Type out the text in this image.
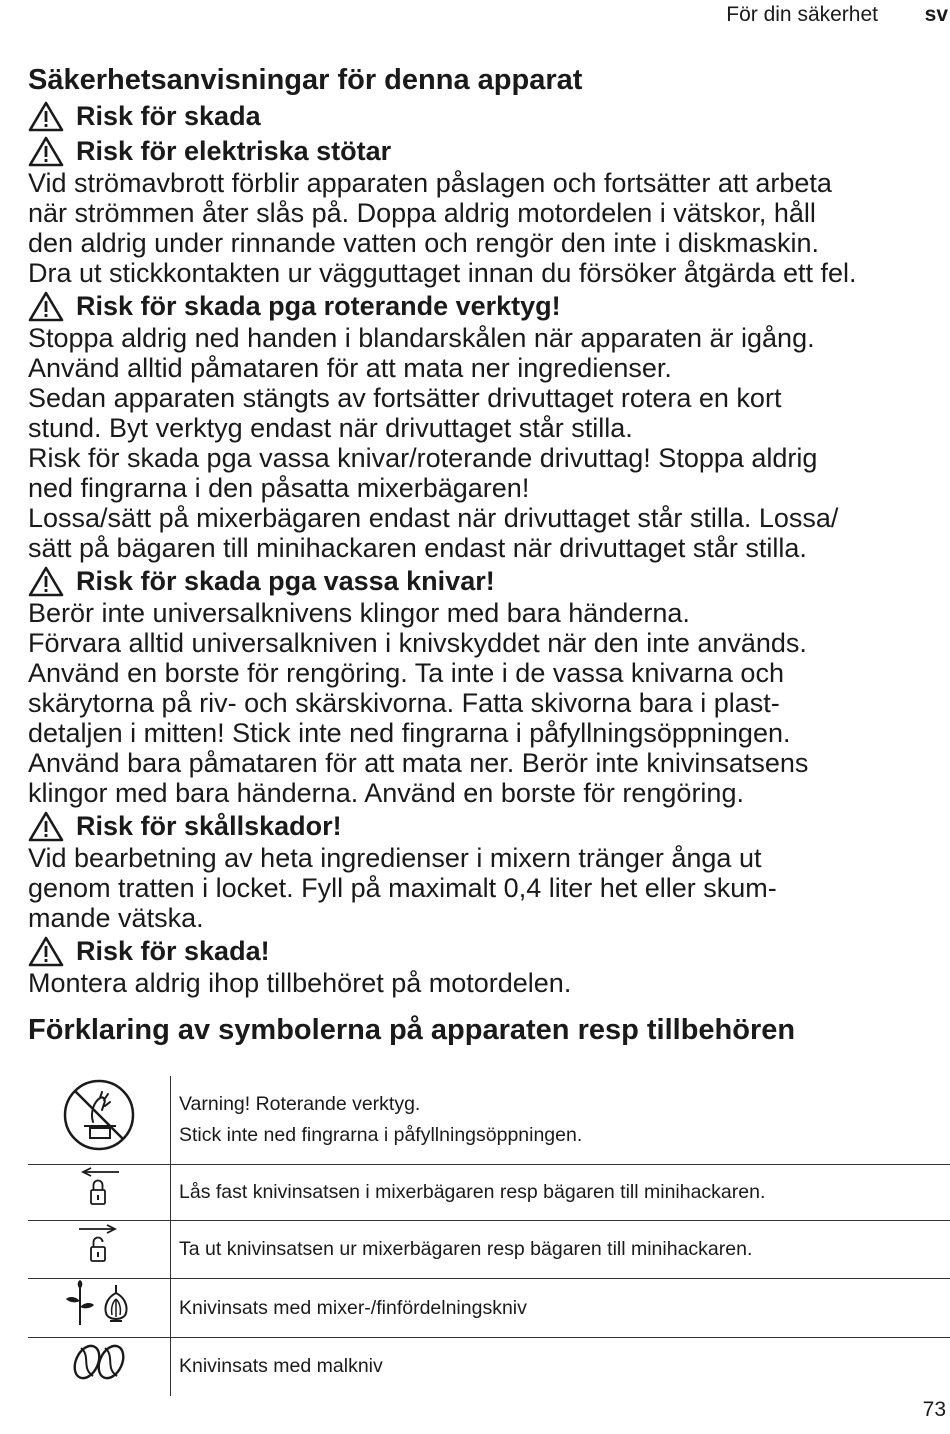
För din säkerhet sv
Säkerhetsanvisningar för denna apparat
Risk för skada
Risk för elektriska stötar
Vid strömavbrott förblir apparaten påslagen och fortsätter att arbeta
när strömmen åter slås på. Doppa aldrig motordelen i vätskor, håll
den aldrig under rinnande vatten och rengör den inte i diskmaskin.
Dra ut stickkontakten ur vägguttaget innan du försöker åtgärda ett fel.
Risk för skada pga roterande verktyg!
Stoppa aldrig ned handen i blandarskålen när apparaten är igång.
Använd alltid påmataren för att mata ner ingredienser.
Sedan apparaten stängts av fortsätter drivuttaget rotera en kort
stund. Byt verktyg endast när drivuttaget står stilla.
Risk för skada pga vassa knivar/roterande drivuttag! Stoppa aldrig
ned fingrarna i den påsatta mixerbägaren!
Lossa/sätt på mixerbägaren endast när drivuttaget står stilla. Lossa/
sätt på bägaren till minihackaren endast när drivuttaget står stilla.
Risk för skada pga vassa knivar!
Berör inte universalknivens klingor med bara händerna.
Förvara alltid universalkniven i knivskyddet när den inte används.
Använd en borste för rengöring. Ta inte i de vassa knivarna och
skärytorna på riv- och skärskivorna. Fatta skivorna bara i plast-
detaljen i mitten! Stick inte ned fingrarna i påfyllningsöppningen.
Använd bara påmataren för att mata ner. Berör inte knivinsatsens
klingor med bara händerna. Använd en borste för rengöring.
Risk för skållskador!
Vid bearbetning av heta ingredienser i mixern tränger ånga ut
genom tratten i locket. Fyll på maximalt 0,4 liter het eller skum-
mande vätska.
Risk för skada!
Montera aldrig ihop tillbehöret på motordelen.
Förklaring av symbolerna på apparaten resp tillbehören

Varning! Roterande verktyg.
Stick inte ned fingrarna i påfyllningsöppningen.

Lås fast knivinsatsen i mixerbägaren resp bägaren till minihackaren.

Ta ut knivinsatsen ur mixerbägaren resp bägaren till minihackaren.

Knivinsats med mixer-/finfördelningskniv

Knivinsats med malkniv
73
